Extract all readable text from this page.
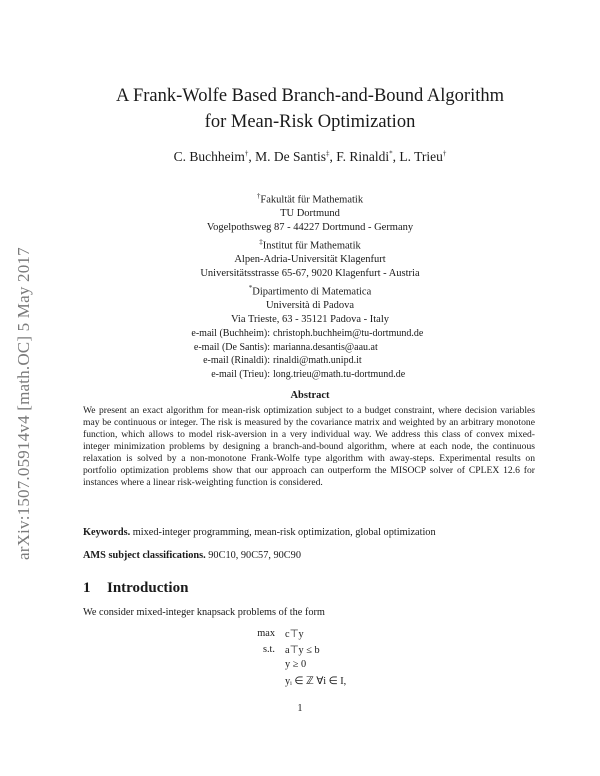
arXiv:1507.05914v4 [math.OC] 5 May 2017
A Frank-Wolfe Based Branch-and-Bound Algorithm
for Mean-Risk Optimization
C. Buchheim†, M. De Santis‡, F. Rinaldi*, L. Trieu†
†Fakultät für Mathematik
TU Dortmund
Vogelpothsweg 87 - 44227 Dortmund - Germany
‡Institut für Mathematik
Alpen-Adria-Universität Klagenfurt
Universitätsstrasse 65-67, 9020 Klagenfurt - Austria
*Dipartimento di Matematica
Università di Padova
Via Trieste, 63 - 35121 Padova - Italy
e-mail (Buchheim): christoph.buchheim@tu-dortmund.de
e-mail (De Santis): marianna.desantis@aau.at
e-mail (Rinaldi): rinaldi@math.unipd.it
e-mail (Trieu): long.trieu@math.tu-dortmund.de
Abstract
We present an exact algorithm for mean-risk optimization subject to a budget constraint, where decision variables may be continuous or integer. The risk is measured by the covariance matrix and weighted by an arbitrary monotone function, which allows to model risk-aversion in a very individual way. We address this class of convex mixed-integer minimization problems by designing a branch-and-bound algorithm, where at each node, the continuous relaxation is solved by a non-monotone Frank-Wolfe type algorithm with away-steps. Experimental results on portfolio optimization problems show that our approach can outperform the MISOCP solver of CPLEX 12.6 for instances where a linear risk-weighting function is considered.
Keywords. mixed-integer programming, mean-risk optimization, global optimization
AMS subject classifications. 90C10, 90C57, 90C90
1 Introduction
We consider mixed-integer knapsack problems of the form
max c⊤y
s.t. a⊤y ≤ b
y ≥ 0
yᵢ ∈ ℤ ∀i ∈ I,
1
